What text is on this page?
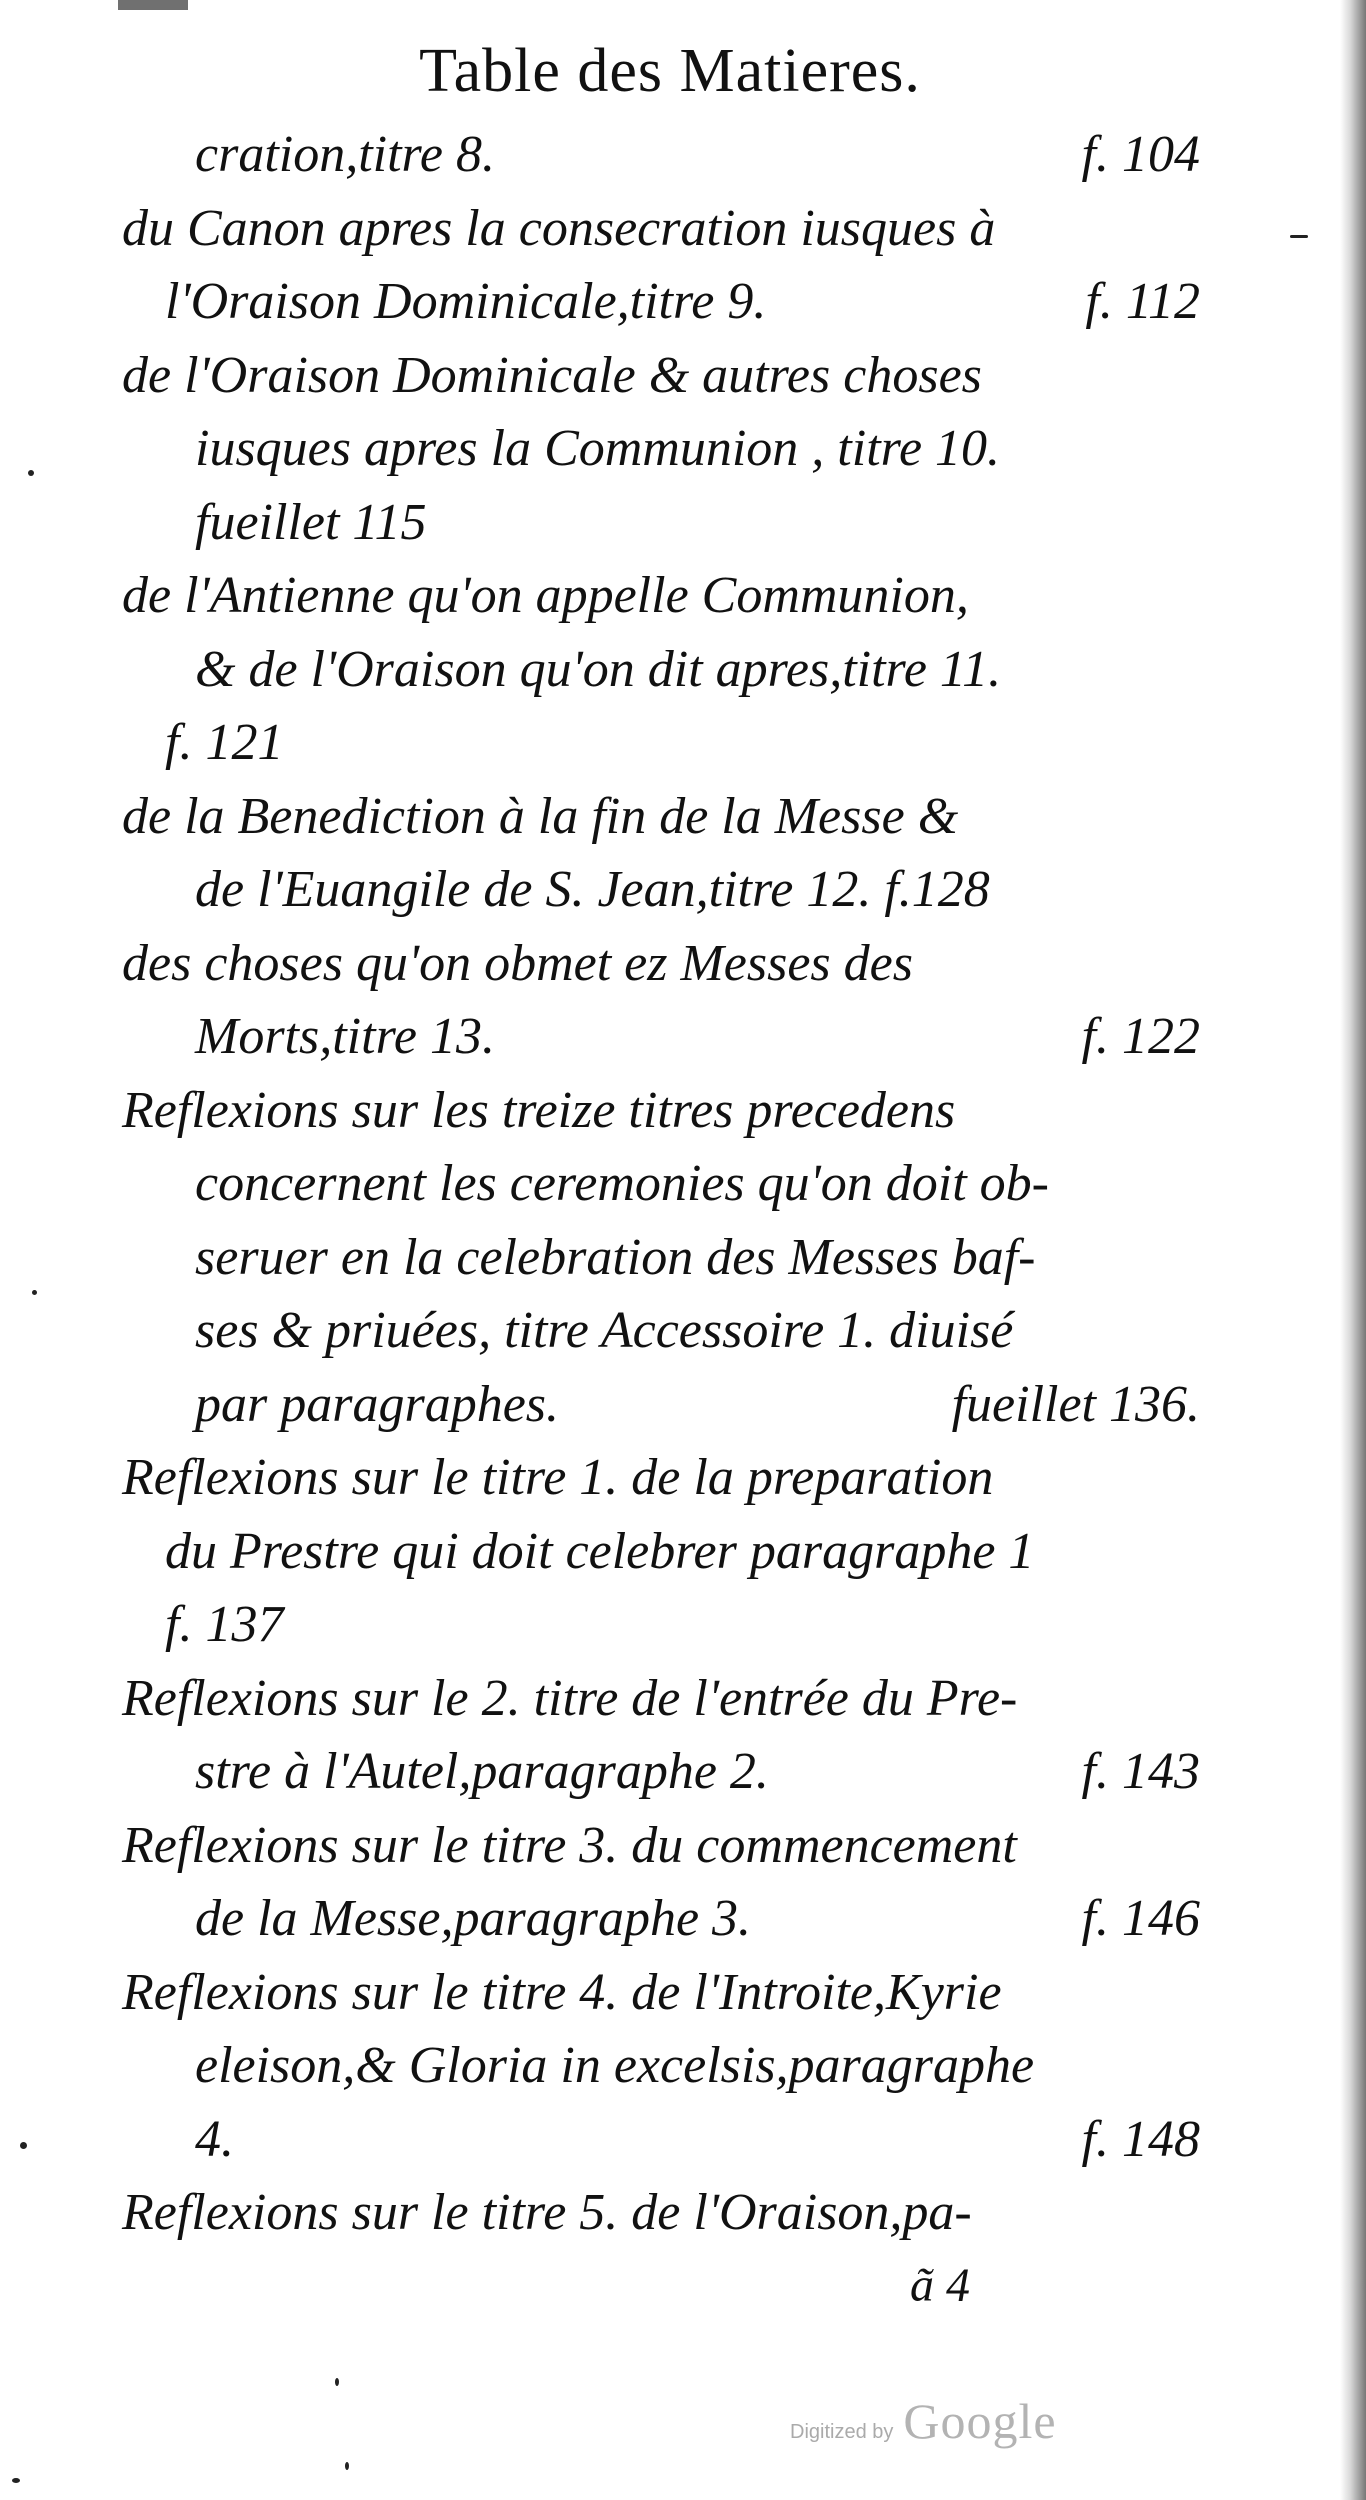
Table des Matieres.
cration,titre 8.	f. 104
du Canon apres la consecration iusques à
l'Oraison Dominicale,titre 9.	f. 112
de l'Oraison Dominicale & autres choses
iusques apres la Communion , titre 10.
fueillet 115
de l'Antienne qu'on appelle Communion,
& de l'Oraison qu'on dit apres,titre 11.
f. 121
de la Benediction à la fin de la Messe &
de l'Euangile de S. Jean,titre 12. f.128
des choses qu'on obmet ez Messes des
Morts,titre 13.	f. 122
Reflexions sur les treize titres precedens
concernent les ceremonies qu'on doit ob-
seruer en la celebration des Messes baf-
ses & priuées, titre Accessoire 1. diuisé
par paragraphes.	fueillet 136.
Reflexions sur le titre 1. de la preparation
du Prestre qui doit celebrer paragraphe 1
f. 137
Reflexions sur le 2. titre de l'entrée du Pre-
stre à l'Autel,paragraphe 2.	f. 143
Reflexions sur le titre 3. du commencement
de la Messe,paragraphe 3.	f. 146
Reflexions sur le titre 4. de l'Introite,Kyrie
eleison,& Gloria in excelsis,paragraphe
4.	f. 148
Reflexions sur le titre 5. de l'Oraison,pa-
ã 4
Digitized by Google
